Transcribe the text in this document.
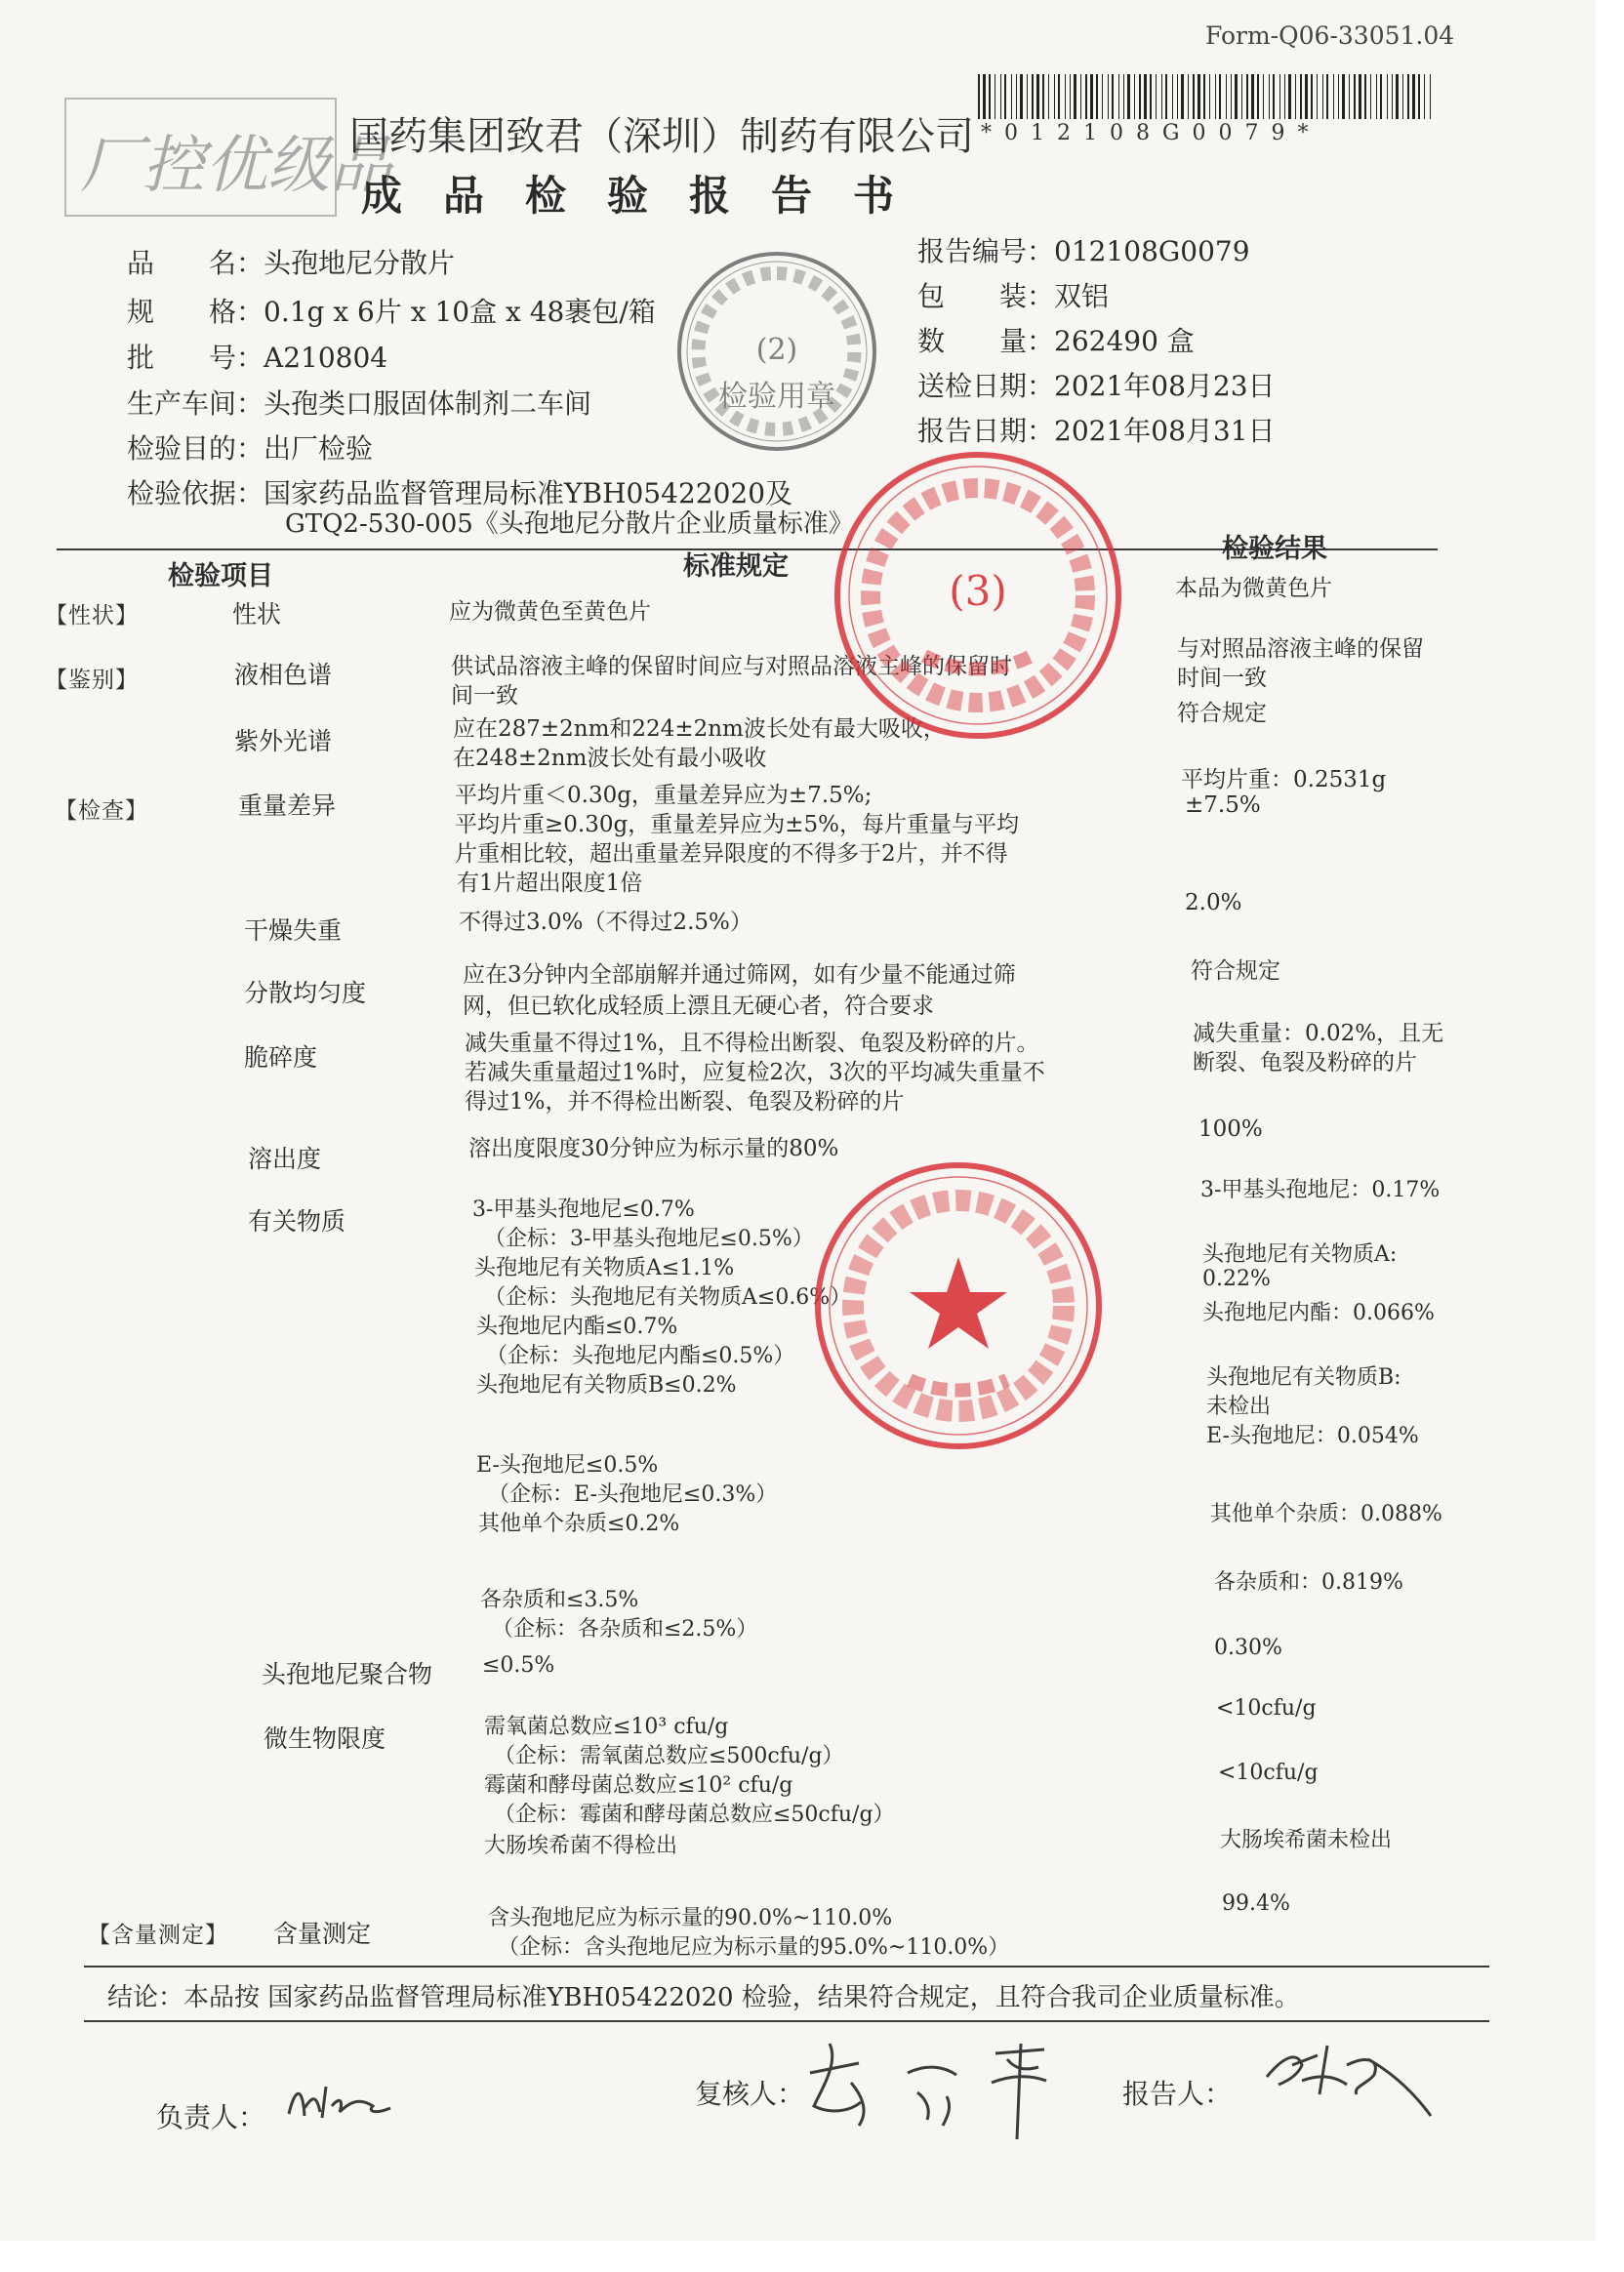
Form-Q06-33051.04
* 0 1 2 1 0 8 G 0 0 7 9 *
厂控优级品
国药集团致君（深圳）制药有限公司
成　品　检　验　报　告　书
品　　名：头孢地尼分散片
规　　格：0.1g x 6片 x 10盒 x 48裹包/箱
批　　号：A210804
生产车间：头孢类口服固体制剂二车间
检验目的：出厂检验
检验依据：国家药品监督管理局标准YBH05422020及
GTQ2-530-005《头孢地尼分散片企业质量标准》
报告编号：012108G0079
包　　装：双铝
数　　量：262490 盒
送检日期：2021年08月23日
报告日期：2021年08月31日
检验项目	标准规定
检验结果
【性状】
【鉴别】
【检查】
【含量测定】
性状
液相色谱
紫外光谱
重量差异
干燥失重
分散均匀度
脆碎度
溶出度
有关物质
头孢地尼聚合物
微生物限度
含量测定
应为微黄色至黄色片
供试品溶液主峰的保留时间应与对照品溶液主峰的保留时
间一致
应在287±2nm和224±2nm波长处有最大吸收，
在248±2nm波长处有最小吸收
平均片重＜0.30g，重量差异应为±7.5%;
平均片重≥0.30g，重量差异应为±5%，每片重量与平均
片重相比较，超出重量差异限度的不得多于2片，并不得
有1片超出限度1倍
不得过3.0%（不得过2.5%）
应在3分钟内全部崩解并通过筛网，如有少量不能通过筛
网，但已软化成轻质上漂且无硬心者，符合要求
减失重量不得过1%，且不得检出断裂、龟裂及粉碎的片。
若减失重量超过1%时，应复检2次，3次的平均减失重量不
得过1%，并不得检出断裂、龟裂及粉碎的片
溶出度限度30分钟应为标示量的80%
3-甲基头孢地尼≤0.7%
（企标：3-甲基头孢地尼≤0.5%）
头孢地尼有关物质A≤1.1%
（企标：头孢地尼有关物质A≤0.6%）
头孢地尼内酯≤0.7%
（企标：头孢地尼内酯≤0.5%）
头孢地尼有关物质B≤0.2%
E-头孢地尼≤0.5%
（企标：E-头孢地尼≤0.3%）
其他单个杂质≤0.2%
各杂质和≤3.5%
（企标：各杂质和≤2.5%）
≤0.5%
需氧菌总数应≤10³ cfu/g
（企标：需氧菌总数应≤500cfu/g）
霉菌和酵母菌总数应≤10² cfu/g
（企标：霉菌和酵母菌总数应≤50cfu/g）
大肠埃希菌不得检出
含头孢地尼应为标示量的90.0%~110.0%
（企标：含头孢地尼应为标示量的95.0%~110.0%）
本品为微黄色片
与对照品溶液主峰的保留
时间一致
符合规定
平均片重：0.2531g
±7.5%
2.0%
符合规定
减失重量：0.02%，且无
断裂、龟裂及粉碎的片
100%
3-甲基头孢地尼：0.17%
头孢地尼有关物质A:
0.22%
头孢地尼内酯：0.066%
头孢地尼有关物质B:
未检出
E-头孢地尼：0.054%
其他单个杂质：0.088%
各杂质和：0.819%
0.30%
<10cfu/g
<10cfu/g
大肠埃希菌未检出
99.4%
结论：本品按 国家药品监督管理局标准YBH05422020 检验，结果符合规定，且符合我司企业质量标准。
负责人：
复核人：	报告人：
(2)
检验用章
(3)
